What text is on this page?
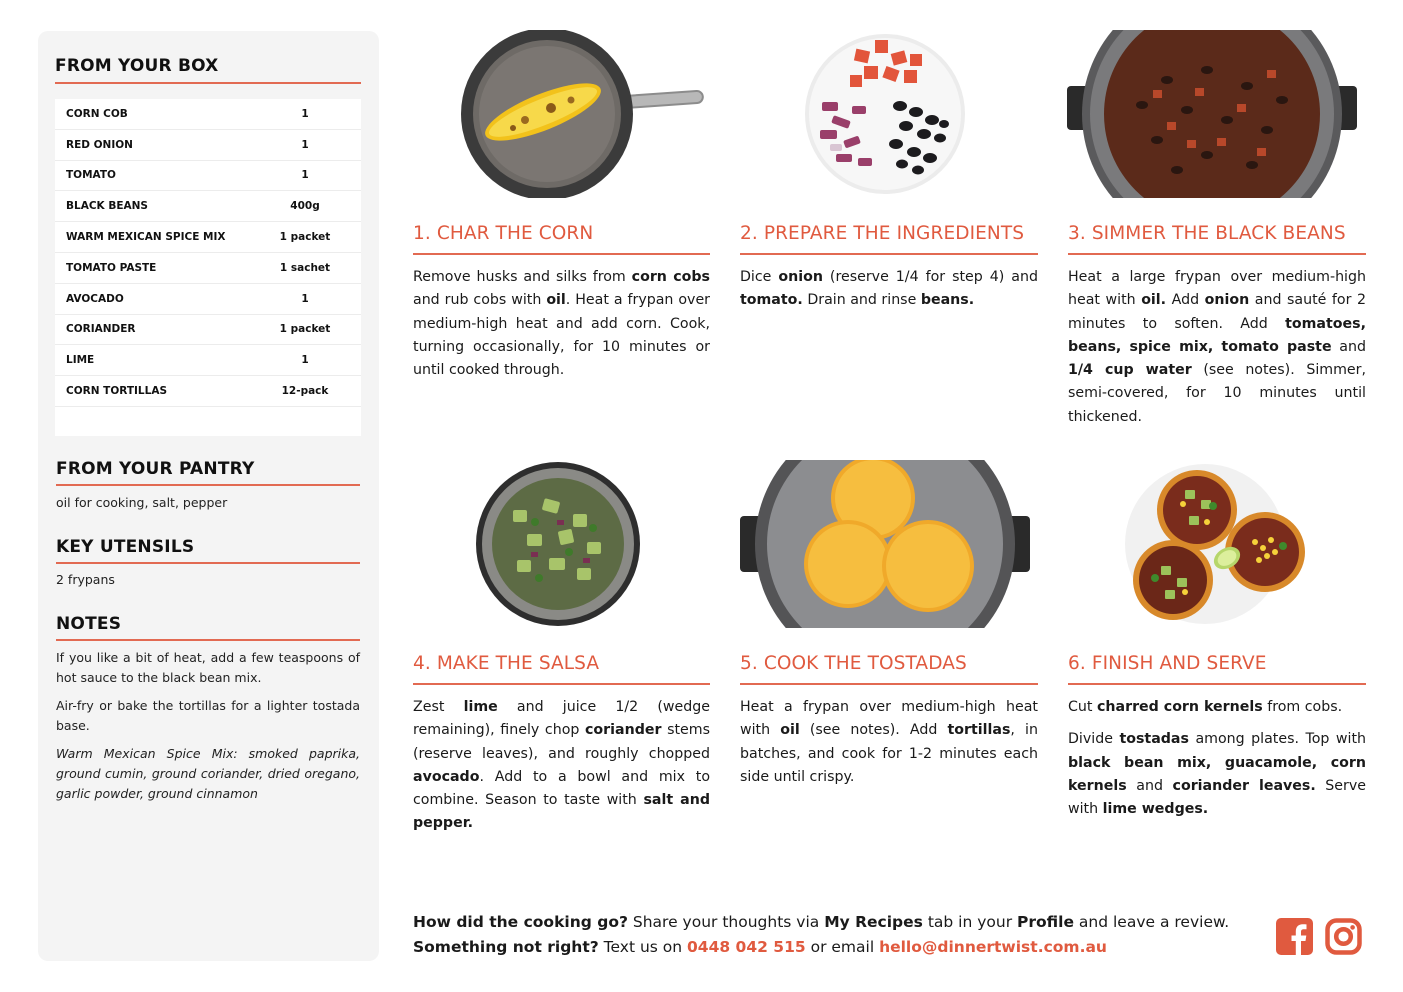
FROM YOUR BOX
CORN COB	1
RED ONION	1
TOMATO	1
BLACK BEANS	400g
WARM MEXICAN SPICE MIX	1 packet
TOMATO PASTE	1 sachet
AVOCADO	1
CORIANDER	1 packet
LIME	1
CORN TORTILLAS	12-pack
FROM YOUR PANTRY
oil for cooking, salt, pepper
KEY UTENSILS
2 frypans
NOTES
If you like a bit of heat, add a few teaspoons of hot sauce to the black bean mix.
Air-fry or bake the tortillas for a lighter tostada base.
Warm Mexican Spice Mix: smoked paprika, ground cumin, ground coriander, dried oregano, garlic powder, ground cinnamon
1. CHAR THE CORN	2. PREPARE THE INGREDIENTS 3. SIMMER THE BLACK BEANS
4. MAKE THE SALSA	5. COOK THE TOSTADAS	6. FINISH AND SERVE

Remove husks and silks from corn cobs and rub cobs with oil. Heat a frypan over medium-high heat and add corn. Cook, turning occasionally, for 10 minutes or until cooked through.

Dice onion (reserve 1/4 for step 4) and tomato. Drain and rinse beans.

Heat a large frypan over medium-high heat with oil. Add onion and sauté for 2 minutes to soften. Add tomatoes, beans, spice mix, tomato paste and 1/4 cup water (see notes). Simmer, semi-covered, for 10 minutes until thickened.

Zest lime and juice 1/2 (wedge remaining), finely chop coriander stems (reserve leaves), and roughly chopped avocado. Add to a bowl and mix to combine. Season to taste with salt and pepper.

Heat a frypan over medium-high heat with oil (see notes). Add tortillas, in batches, and cook for 1-2 minutes each side until crispy.

Cut charred corn kernels from cobs.

Divide tostadas among plates. Top with black bean mix, guacamole, corn kernels and coriander leaves. Serve with lime wedges.

How did the cooking go? Share your thoughts via My Recipes tab in your Profile and leave a review.
Something not right? Text us on 0448 042 515 or email hello@dinnertwist.com.au
